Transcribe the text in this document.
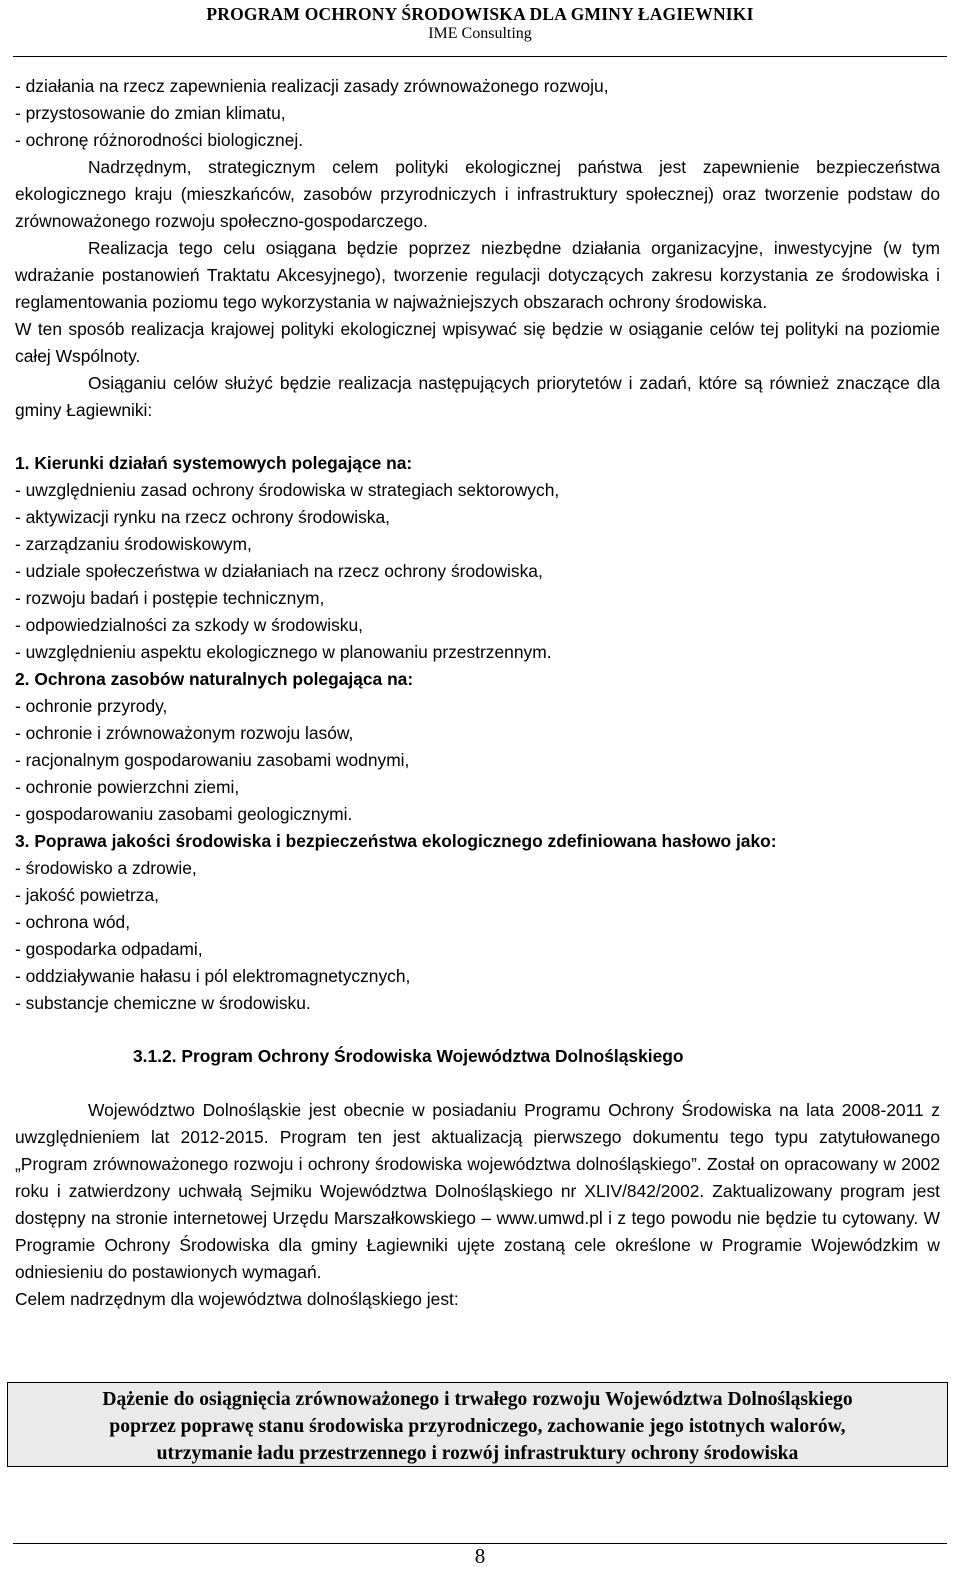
PROGRAM OCHRONY ŚRODOWISKA DLA GMINY ŁAGIEWNIKI
IME Consulting
- działania na rzecz zapewnienia realizacji zasady zrównoważonego rozwoju,
- przystosowanie do zmian klimatu,
- ochronę różnorodności biologicznej.
Nadrzędnym, strategicznym celem polityki ekologicznej państwa jest zapewnienie bezpieczeństwa ekologicznego kraju (mieszkańców, zasobów przyrodniczych i infrastruktury społecznej) oraz tworzenie podstaw do zrównoważonego rozwoju społeczno-gospodarczego.
Realizacja tego celu osiągana będzie poprzez niezbędne działania organizacyjne, inwestycyjne (w tym wdrażanie postanowień Traktatu Akcesyjnego), tworzenie regulacji dotyczących zakresu korzystania ze środowiska i reglamentowania poziomu tego wykorzystania w najważniejszych obszarach ochrony środowiska.
W ten sposób realizacja krajowej polityki ekologicznej wpisywać się będzie w osiąganie celów tej polityki na poziomie całej Wspólnoty.
Osiąganiu celów służyć będzie realizacja następujących priorytetów i zadań, które są również znaczące dla gminy Łagiewniki:
1. Kierunki działań systemowych polegające na:
- uwzględnieniu zasad ochrony środowiska w strategiach sektorowych,
- aktywizacji rynku na rzecz ochrony środowiska,
- zarządzaniu środowiskowym,
- udziale społeczeństwa w działaniach na rzecz ochrony środowiska,
- rozwoju badań i postępie technicznym,
- odpowiedzialności za szkody w środowisku,
- uwzględnieniu aspektu ekologicznego w planowaniu przestrzennym.
2. Ochrona zasobów naturalnych polegająca na:
- ochronie przyrody,
- ochronie i zrównoważonym rozwoju lasów,
- racjonalnym gospodarowaniu zasobami wodnymi,
- ochronie powierzchni ziemi,
- gospodarowaniu zasobami geologicznymi.
3. Poprawa jakości środowiska i bezpieczeństwa ekologicznego zdefiniowana hasłowo jako:
- środowisko a zdrowie,
- jakość powietrza,
- ochrona wód,
- gospodarka odpadami,
- oddziaływanie hałasu i pól elektromagnetycznych,
- substancje chemiczne w środowisku.
3.1.2. Program Ochrony Środowiska Województwa Dolnośląskiego
Województwo Dolnośląskie jest obecnie w posiadaniu Programu Ochrony Środowiska na lata 2008-2011 z uwzględnieniem lat 2012-2015. Program ten jest aktualizacją pierwszego dokumentu tego typu zatytułowanego „Program zrównoważonego rozwoju i ochrony środowiska województwa dolnośląskiego”. Został on opracowany w 2002 roku i zatwierdzony uchwałą Sejmiku Województwa Dolnośląskiego nr XLIV/842/2002. Zaktualizowany program jest dostępny na stronie internetowej Urzędu Marszałkowskiego – www.umwd.pl i z tego powodu nie będzie tu cytowany. W Programie Ochrony Środowiska dla gminy Łagiewniki ujęte zostaną cele określone w Programie Wojewódzkim w odniesieniu do postawionych wymagań.
Celem nadrzędnym dla województwa dolnośląskiego jest:
Dążenie do osiągnięcia zrównoważonego i trwałego rozwoju Województwa Dolnośląskiego
poprzez poprawę stanu środowiska przyrodniczego, zachowanie jego istotnych walorów,
utrzymanie ładu przestrzennego i rozwój infrastruktury ochrony środowiska
8
